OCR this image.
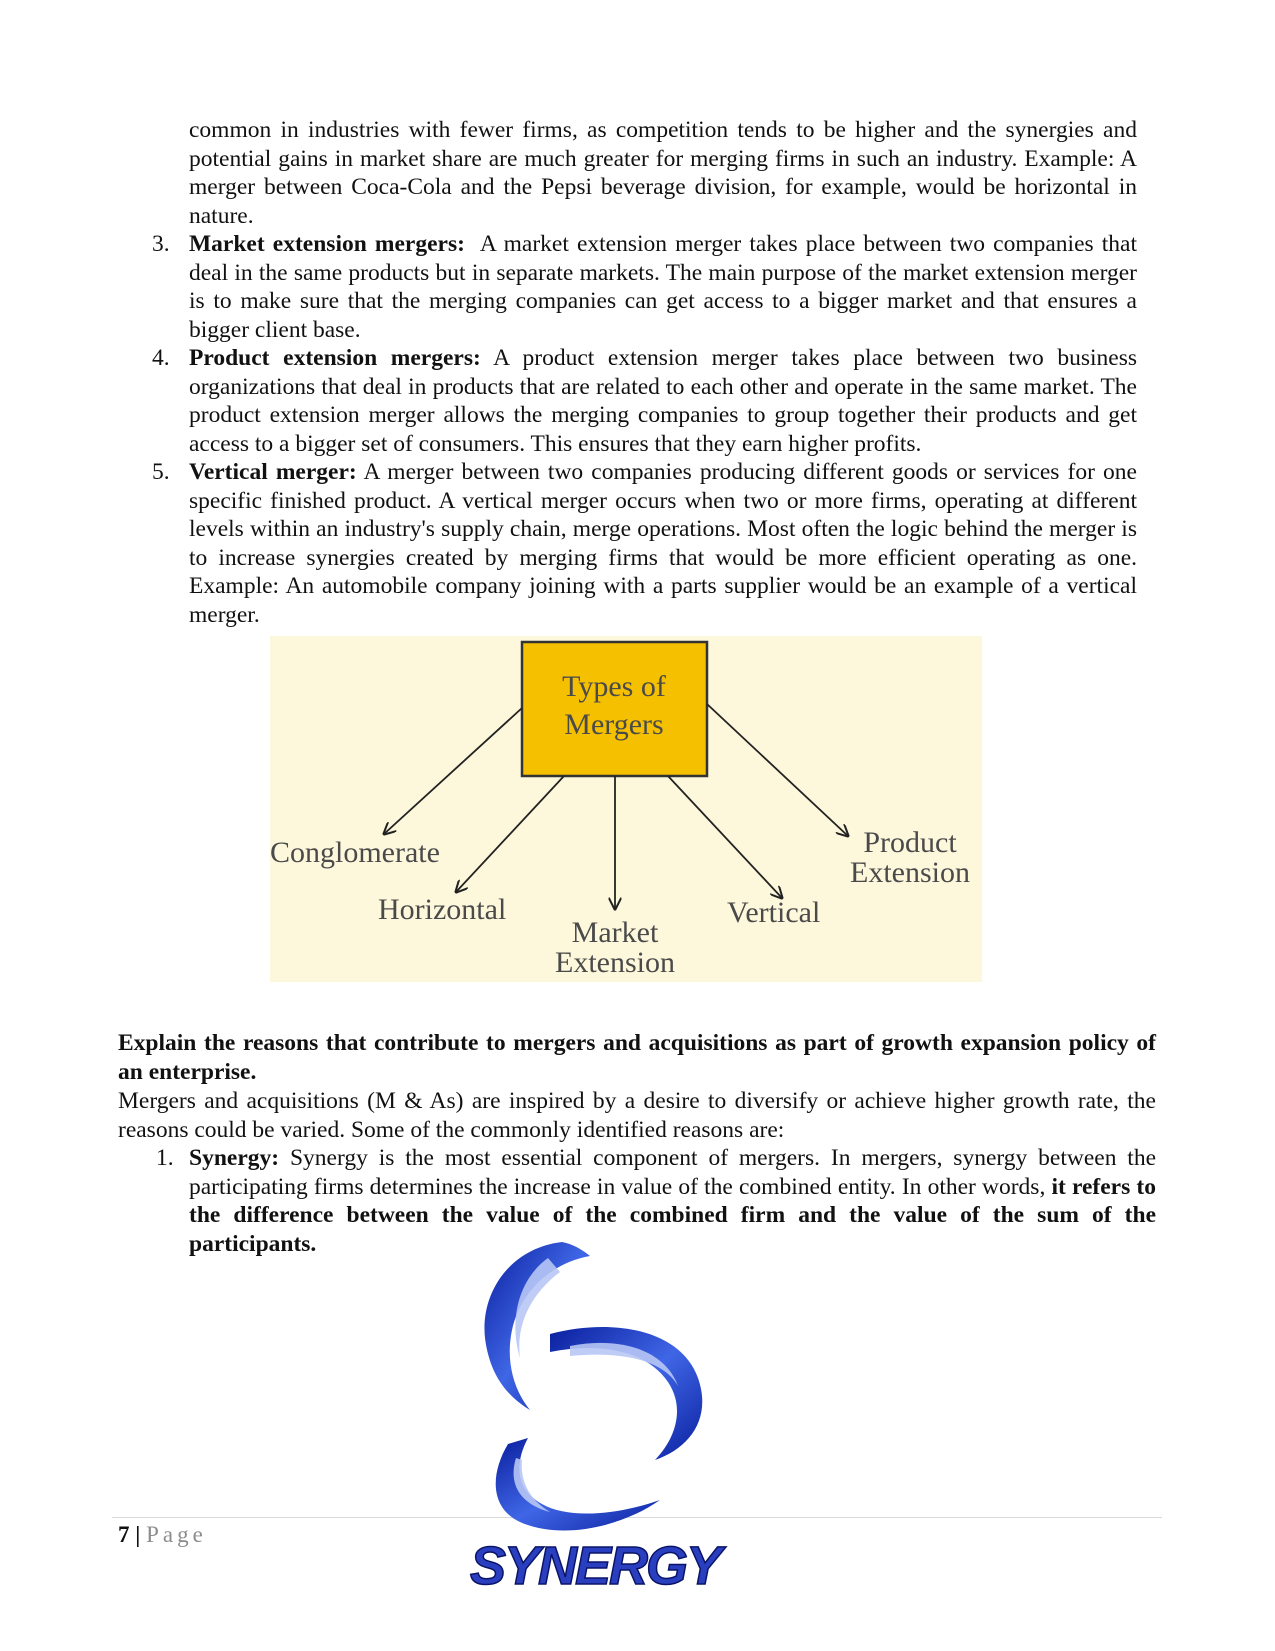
common in industries with fewer firms, as competition tends to be higher and the synergies and potential gains in market share are much greater for merging firms in such an industry. Example: A merger between Coca-Cola and the Pepsi beverage division, for example, would be horizontal in nature.

3. Market extension mergers: A market extension merger takes place between two companies that deal in the same products but in separate markets. The main purpose of the market extension merger is to make sure that the merging companies can get access to a bigger market and that ensures a bigger client base.

4. Product extension mergers: A product extension merger takes place between two business organizations that deal in products that are related to each other and operate in the same market. The product extension merger allows the merging companies to group together their products and get access to a bigger set of consumers. This ensures that they earn higher profits.

5. Vertical merger: A merger between two companies producing different goods or services for one specific finished product. A vertical merger occurs when two or more firms, operating at different levels within an industry's supply chain, merge operations. Most often the logic behind the merger is to increase synergies created by merging firms that would be more efficient operating as one. Example: An automobile company joining with a parts supplier would be an example of a vertical merger.

Types of
Mergers
Conglomerate
Horizontal
Market
Extension
Vertical
Product
Extension

Explain the reasons that contribute to mergers and acquisitions as part of growth expansion policy of an enterprise.

Mergers and acquisitions (M & As) are inspired by a desire to diversify or achieve higher growth rate, the reasons could be varied. Some of the commonly identified reasons are:

1. Synergy: Synergy is the most essential component of mergers. In mergers, synergy between the participating firms determines the increase in value of the combined entity. In other words, it refers to the difference between the value of the combined firm and the value of the sum of the participants.

7 | Page
SYNERGY
